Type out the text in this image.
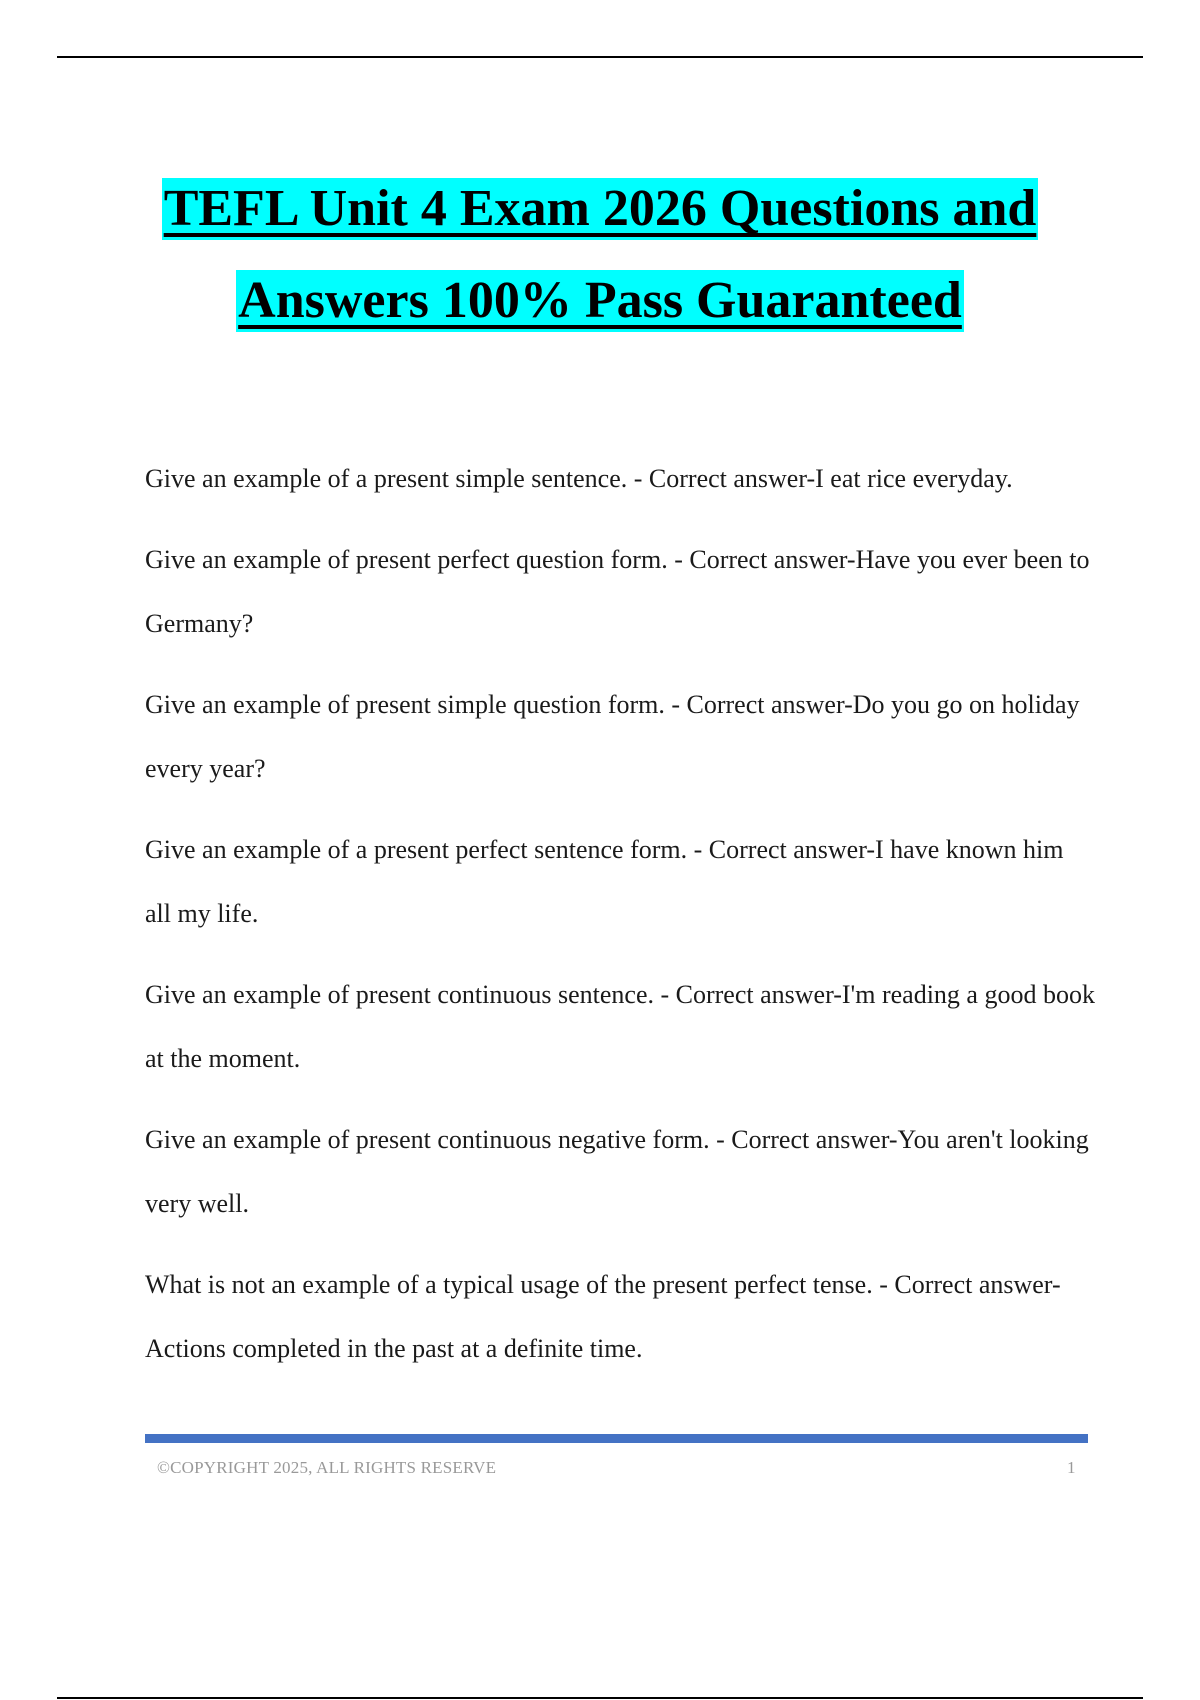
TEFL Unit 4 Exam 2026 Questions and
Answers 100% Pass Guaranteed

Give an example of a present simple sentence. - Correct answer-I eat rice everyday.

Give an example of present perfect question form. - Correct answer-Have you ever been to Germany?

Give an example of present simple question form. - Correct answer-Do you go on holiday every year?

Give an example of a present perfect sentence form. - Correct answer-I have known him all my life.

Give an example of present continuous sentence. - Correct answer-I'm reading a good book at the moment.

Give an example of present continuous negative form. - Correct answer-You aren't looking very well.

What is not an example of a typical usage of the present perfect tense. - Correct answer-Actions completed in the past at a definite time.

©COPYRIGHT 2025, ALL RIGHTS RESERVE	1
